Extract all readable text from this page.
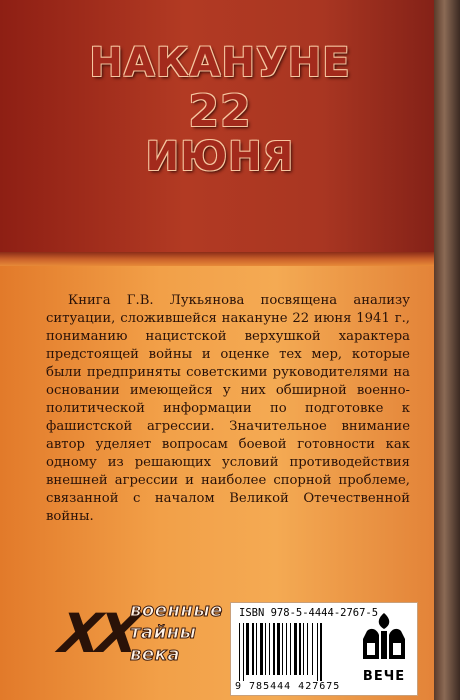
НАКАНУНЕ
22
ИЮНЯ
Книга Г.В. Лукьянова посвящена анализу ситуации, сложившейся накануне 22 июня 1941 г., пониманию нацистской верхушкой характера предстоящей войны и оценке тех мер, которые были предприняты советскими руководителями на основании имеющейся у них обширной военно-политической информации по подготовке к фашистской агрессии. Значительное внимание автор уделяет вопросам боевой готовности как одному из решающих условий противодействия внешней агрессии и наиболее спорной проблеме, связанной с началом Великой Отечественной войны.
XX
военные
тайны
века
ISBN 978-5-4444-2767-5
9 785444 427675
ВЕЧЕ
